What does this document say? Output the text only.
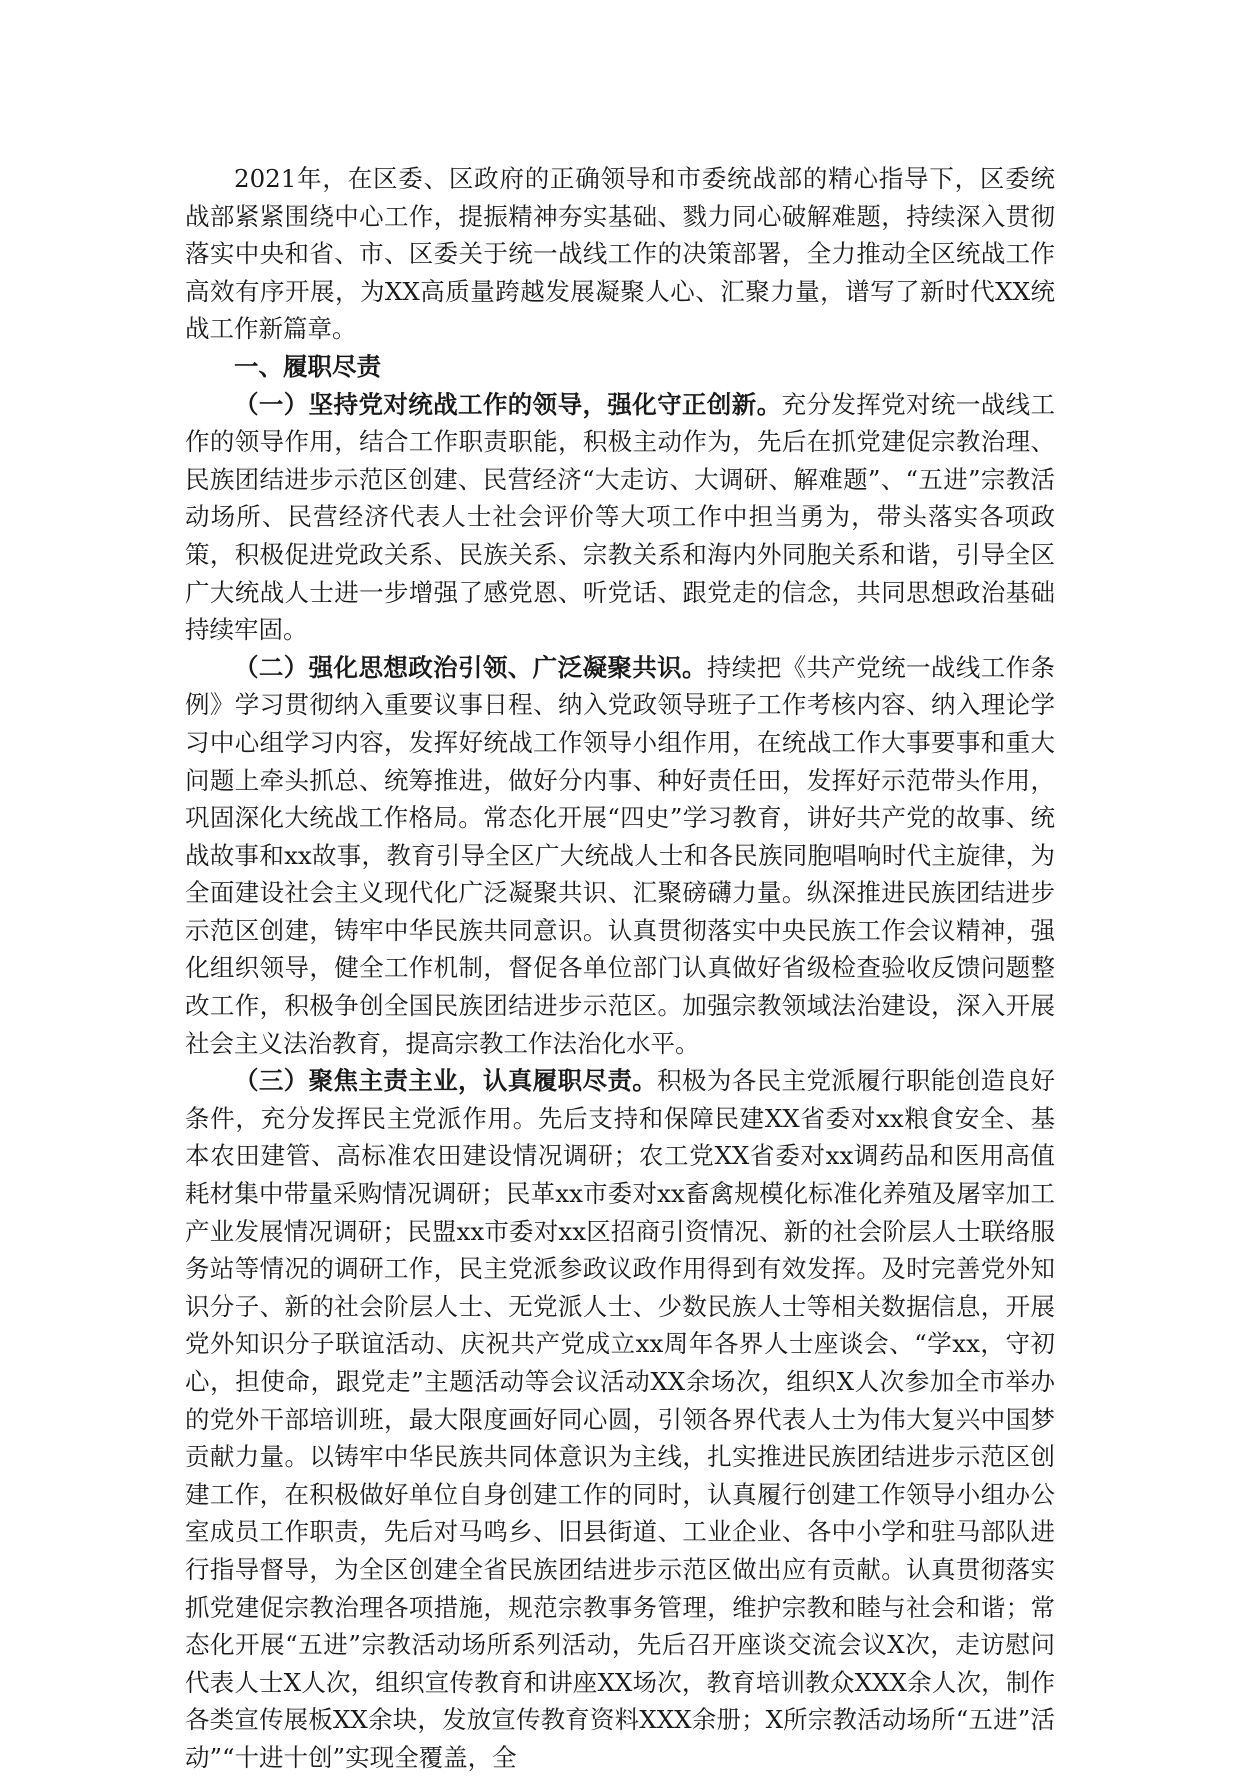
2021年，在区委、区政府的正确领导和市委统战部的精心指导下，区委统战部紧紧围绕中心工作，提振精神夯实基础、戮力同心破解难题，持续深入贯彻落实中央和省、市、区委关于统一战线工作的决策部署，全力推动全区统战工作高效有序开展，为XX高质量跨越发展凝聚人心、汇聚力量，谱写了新时代XX统战工作新篇章。

一、履职尽责

（一）坚持党对统战工作的领导，强化守正创新。充分发挥党对统一战线工作的领导作用，结合工作职责职能，积极主动作为，先后在抓党建促宗教治理、民族团结进步示范区创建、民营经济“大走访、大调研、解难题”、“五进”宗教活动场所、民营经济代表人士社会评价等大项工作中担当勇为，带头落实各项政策，积极促进党政关系、民族关系、宗教关系和海内外同胞关系和谐，引导全区广大统战人士进一步增强了感党恩、听党话、跟党走的信念，共同思想政治基础持续牢固。

（二）强化思想政治引领、广泛凝聚共识。持续把《共产党统一战线工作条例》学习贯彻纳入重要议事日程、纳入党政领导班子工作考核内容、纳入理论学习中心组学习内容，发挥好统战工作领导小组作用，在统战工作大事要事和重大问题上牵头抓总、统筹推进，做好分内事、种好责任田，发挥好示范带头作用，巩固深化大统战工作格局。常态化开展“四史”学习教育，讲好共产党的故事、统战故事和xx故事，教育引导全区广大统战人士和各民族同胞唱响时代主旋律，为全面建设社会主义现代化广泛凝聚共识、汇聚磅礴力量。纵深推进民族团结进步示范区创建，铸牢中华民族共同意识。认真贯彻落实中央民族工作会议精神，强化组织领导，健全工作机制，督促各单位部门认真做好省级检查验收反馈问题整改工作，积极争创全国民族团结进步示范区。加强宗教领域法治建设，深入开展社会主义法治教育，提高宗教工作法治化水平。

（三）聚焦主责主业，认真履职尽责。积极为各民主党派履行职能创造良好条件，充分发挥民主党派作用。先后支持和保障民建XX省委对xx粮食安全、基本农田建管、高标准农田建设情况调研；农工党XX省委对xx调药品和医用高值耗材集中带量采购情况调研；民革xx市委对xx畜禽规模化标准化养殖及屠宰加工产业发展情况调研；民盟xx市委对xx区招商引资情况、新的社会阶层人士联络服务站等情况的调研工作，民主党派参政议政作用得到有效发挥。及时完善党外知识分子、新的社会阶层人士、无党派人士、少数民族人士等相关数据信息，开展党外知识分子联谊活动、庆祝共产党成立xx周年各界人士座谈会、“学xx，守初心，担使命，跟党走”主题活动等会议活动XX余场次，组织X人次参加全市举办的党外干部培训班，最大限度画好同心圆，引领各界代表人士为伟大复兴中国梦贡献力量。以铸牢中华民族共同体意识为主线，扎实推进民族团结进步示范区创建工作，在积极做好单位自身创建工作的同时，认真履行创建工作领导小组办公室成员工作职责，先后对马鸣乡、旧县街道、工业企业、各中小学和驻马部队进行指导督导，为全区创建全省民族团结进步示范区做出应有贡献。认真贯彻落实抓党建促宗教治理各项措施，规范宗教事务管理，维护宗教和睦与社会和谐；常态化开展“五进”宗教活动场所系列活动，先后召开座谈交流会议X次，走访慰问代表人士X人次，组织宣传教育和讲座XX场次，教育培训教众XXX余人次，制作各类宣传展板XX余块，发放宣传教育资料XXX余册；X所宗教活动场所“五进”活动”“十进十创”实现全覆盖，全
